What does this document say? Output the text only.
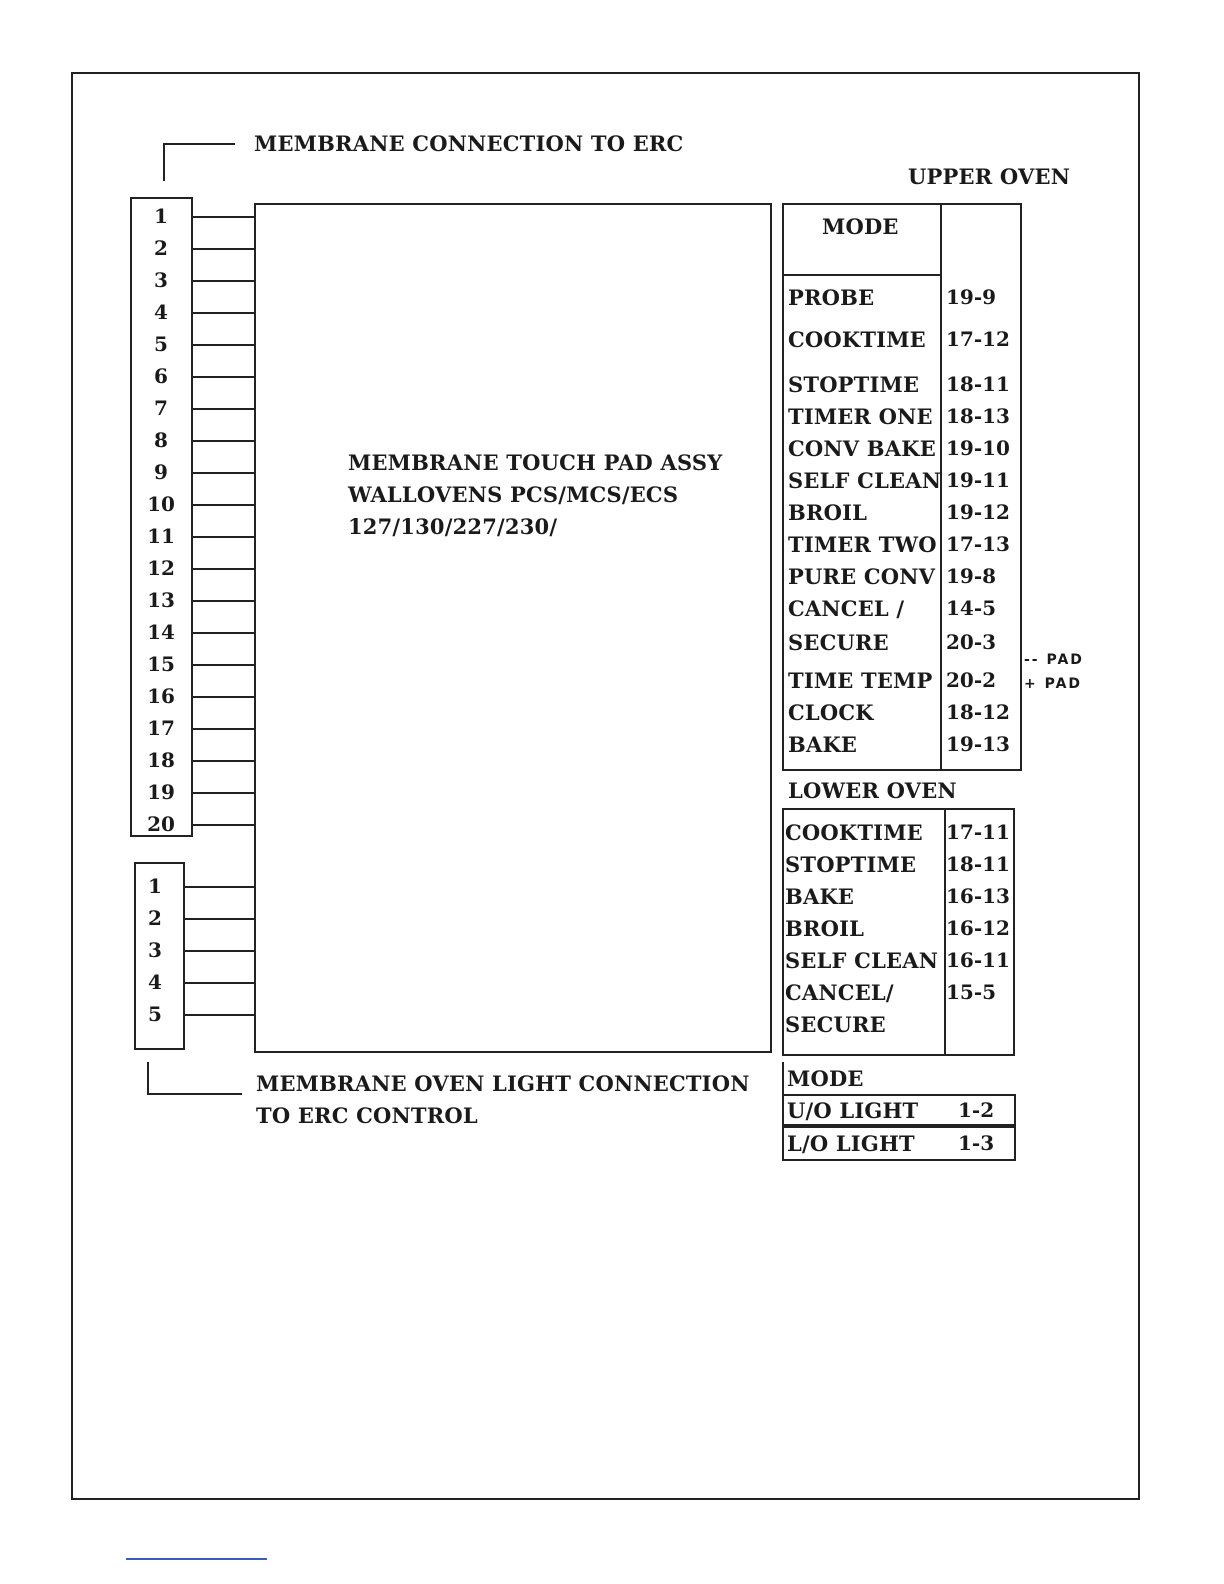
MEMBRANE CONNECTION TO ERC
UPPER OVEN
1
2
3
4
5
6
7
8
9
10
11
12
13
14
15
16
17
18
19
20
1
2
3
4
5
MEMBRANE TOUCH PAD ASSY
WALLOVENS PCS/MCS/ECS
127/130/227/230/
MEMBRANE OVEN LIGHT CONNECTION
TO ERC CONTROL
MODE
PROBE	19-9
COOKTIME 17-12
STOPTIME 18-11
TIMER ONE 18-13
CONV BAKE 19-10
SELF CLEAN 19-11
BROIL	19-12
TIMER TWO 17-13
PURE CONV 19-8
CANCEL / 14-5
SECURE	20-3
TIME TEMP 20-2
CLOCK	18-12
BAKE	19-13
-- PAD
+ PAD
LOWER OVEN
COOKTIME 17-11
STOPTIME 18-11
BAKE	16-13
BROIL	16-12
SELF CLEAN 16-11
CANCEL/	15-5
SECURE
MODE
U/O LIGHT 1-2
L/O LIGHT 1-3
